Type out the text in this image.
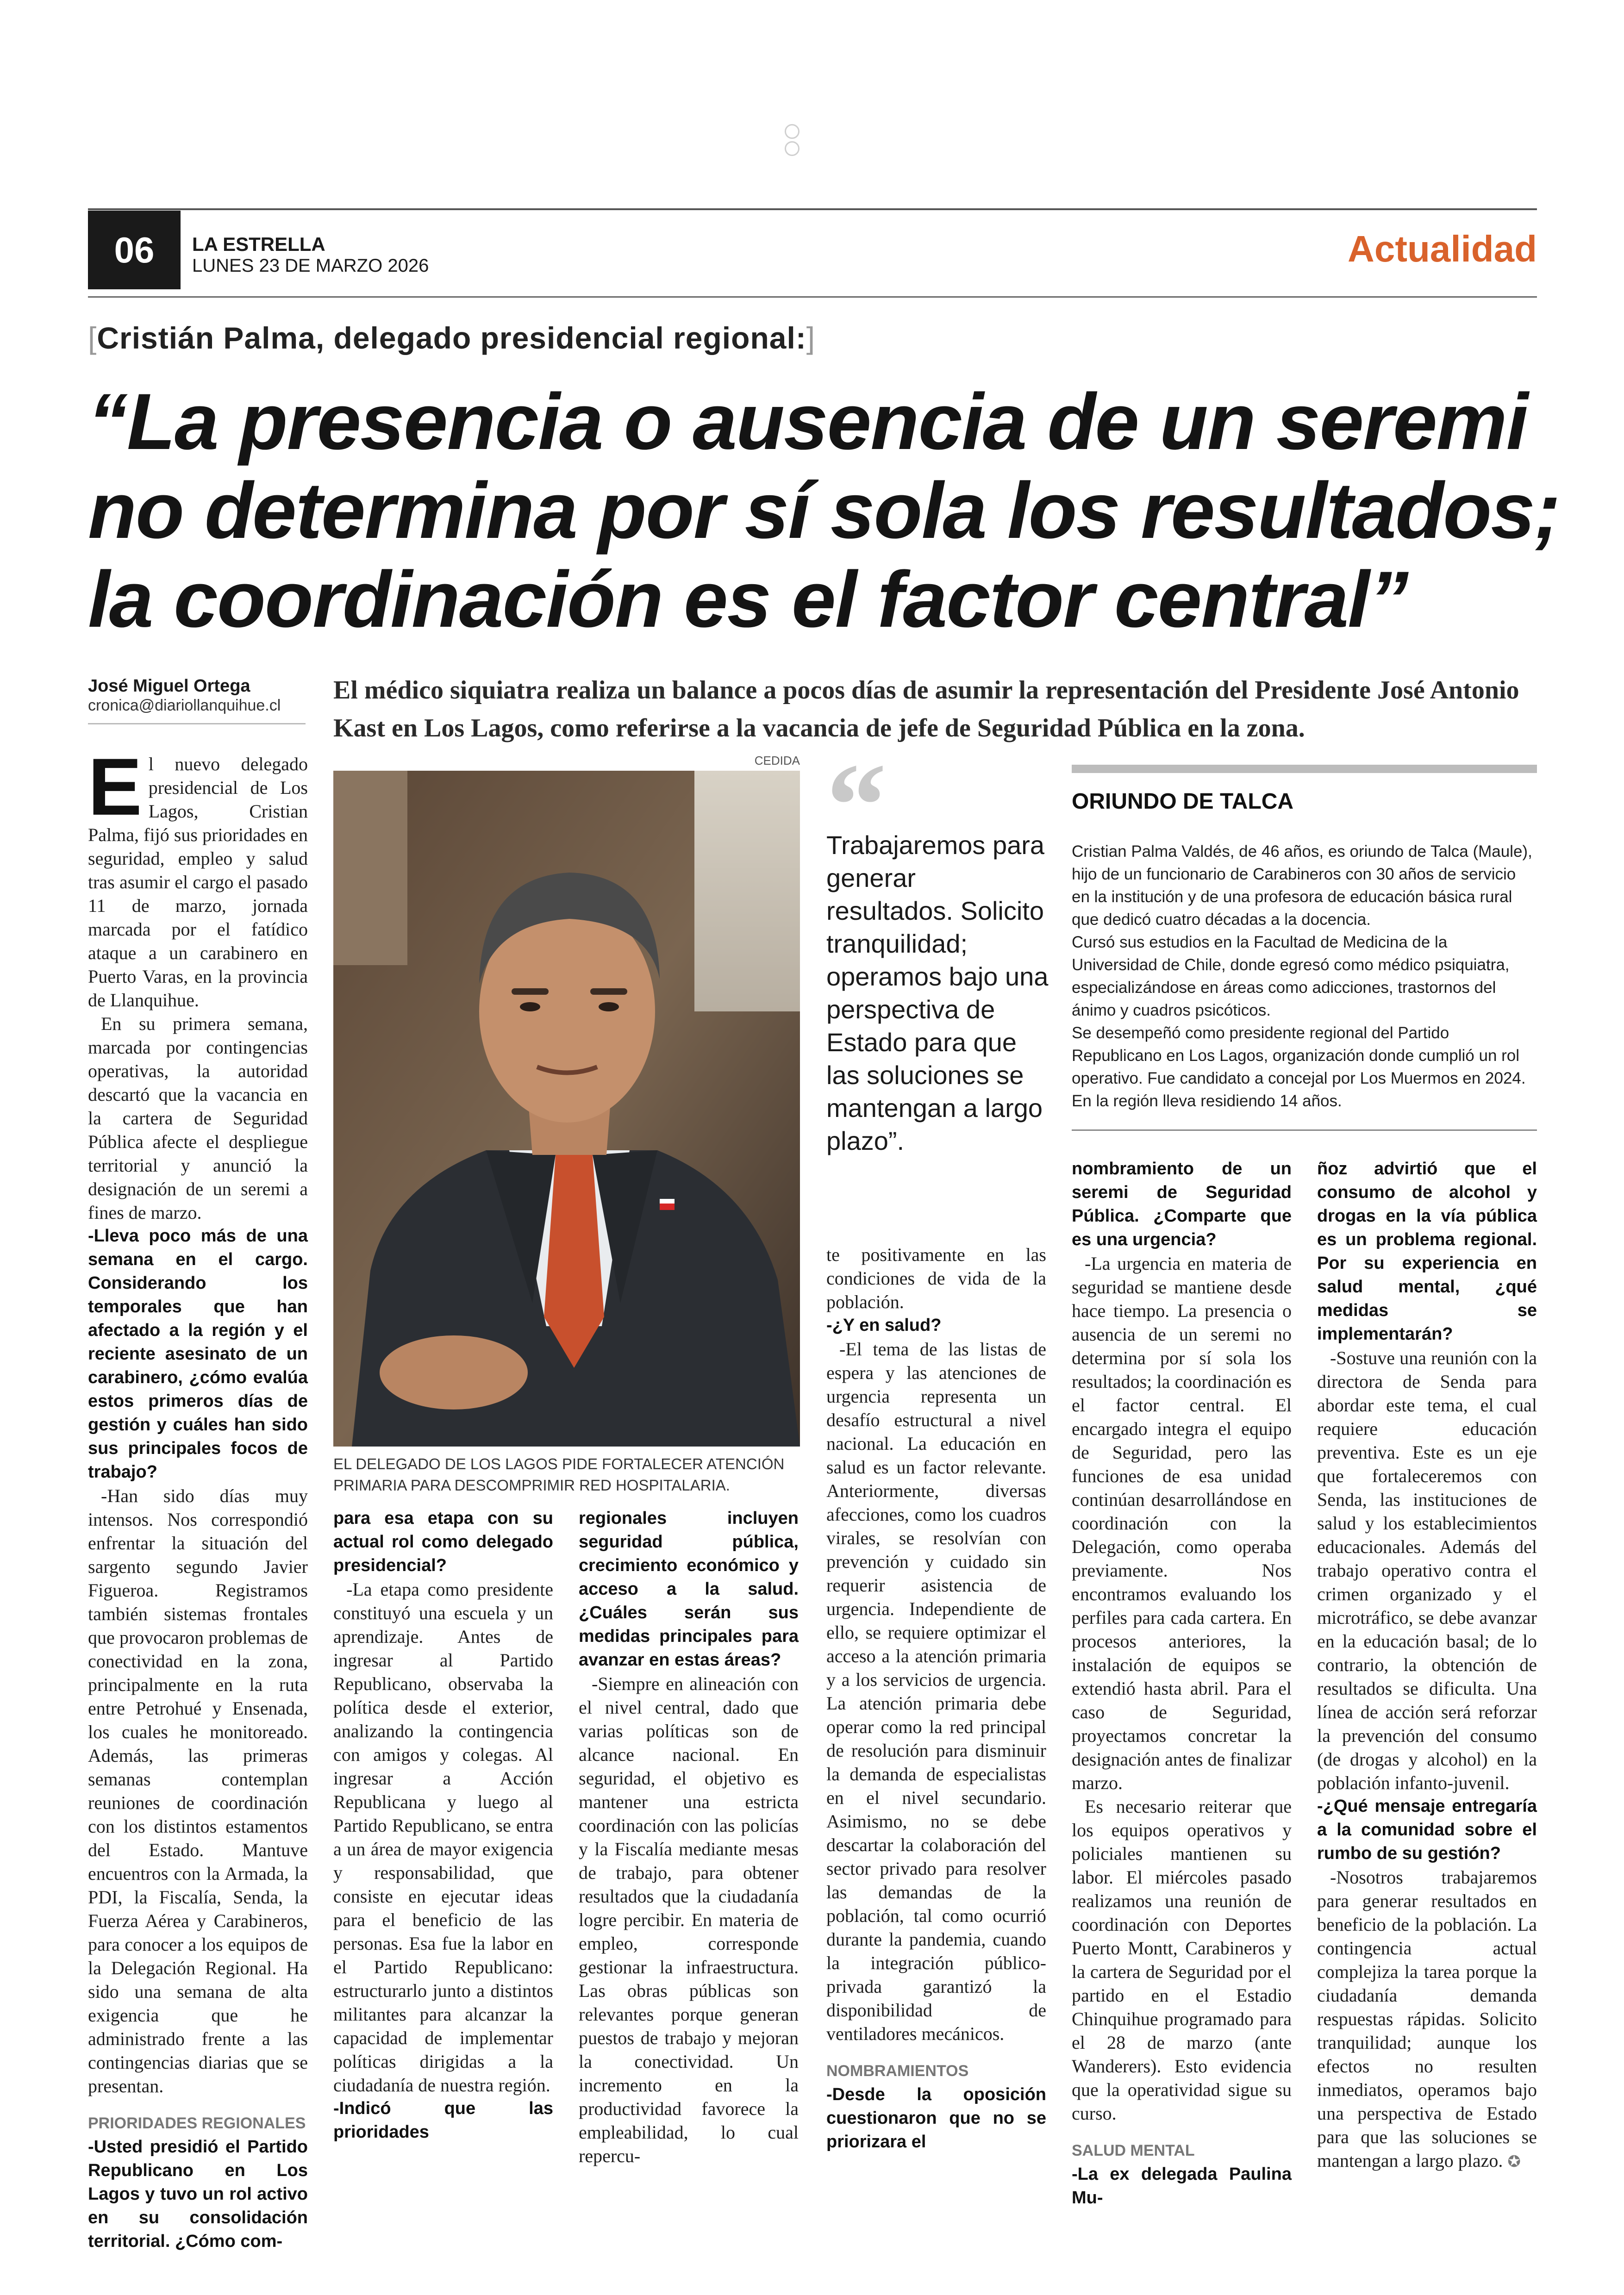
06	LA ESTRELLA
LUNES 23 DE MARZO 2026	Actualidad
[Cristián Palma, delegado presidencial regional:]
“La presencia o ausencia de un seremi
no determina por sí sola los resultados;
la coordinación es el factor central”
José Miguel Ortega
cronica@diariollanquihue.cl
El médico siquiatra realiza un balance a pocos días de asumir la representación del Presidente José Antonio Kast en Los Lagos, como referirse a la vacancia de jefe de Seguridad Pública en la zona.

El nuevo delegado presidencial de Los Lagos, Cristian Palma, fijó sus prioridades en seguridad, empleo y salud tras asumir el cargo el pasado 11 de marzo, jornada marcada por el fatídico ataque a un carabinero en Puerto Varas, en la provincia de Llanquihue.

En su primera semana, marcada por contingencias operativas, la autoridad descartó que la vacancia en la cartera de Seguridad Pública afecte el despliegue territorial y anunció la designación de un seremi a fines de marzo.

-Lleva poco más de una semana en el cargo. Considerando los temporales que han afectado a la región y el reciente asesinato de un carabinero, ¿cómo evalúa estos primeros días de gestión y cuáles han sido sus principales focos de trabajo?

-Han sido días muy intensos. Nos correspondió enfrentar la situación del sargento segundo Javier Figueroa. Registramos también sistemas frontales que provocaron problemas de conectividad en la zona, principalmente en la ruta entre Petrohué y Ensenada, los cuales he monitoreado. Además, las primeras semanas contemplan reuniones de coordinación con los distintos estamentos del Estado. Mantuve encuentros con la Armada, la PDI, la Fiscalía, Senda, la Fuerza Aérea y Carabineros, para conocer a los equipos de la Delegación Regional. Ha sido una semana de alta exigencia que he administrado frente a las contingencias diarias que se presentan.

PRIORIDADES REGIONALES

-Usted presidió el Partido Republicano en Los Lagos y tuvo un rol activo en su consolidación territorial. ¿Cómo com-

CEDIDA
EL DELEGADO DE LOS LAGOS PIDE FORTALECER ATENCIÓN PRIMARIA PARA DESCOMPRIMIR RED HOSPITALARIA.
“
Trabajaremos para generar resultados. Solicito tranquilidad; operamos bajo una perspectiva de Estado para que las soluciones se mantengan a largo plazo”.
ORIUNDO DE TALCA

Cristian Palma Valdés, de 46 años, es oriundo de Talca (Maule), hijo de un funcionario de Carabineros con 30 años de servicio en la institución y de una profesora de educación básica rural que dedicó cuatro décadas a la docencia.

Cursó sus estudios en la Facultad de Medicina de la Universidad de Chile, donde egresó como médico psiquiatra, especializándose en áreas como adicciones, trastornos del ánimo y cuadros psicóticos.

Se desempeñó como presidente regional del Partido Republicano en Los Lagos, organización donde cumplió un rol operativo. Fue candidato a concejal por Los Muermos en 2024. En la región lleva residiendo 14 años.

para esa etapa con su actual rol como delegado presidencial?

-La etapa como presidente constituyó una escuela y un aprendizaje. Antes de ingresar al Partido Republicano, observaba la política desde el exterior, analizando la contingencia con amigos y colegas. Al ingresar a Acción Republicana y luego al Partido Republicano, se entra a un área de mayor exigencia y responsabilidad, que consiste en ejecutar ideas para el beneficio de las personas. Esa fue la labor en el Partido Republicano: estructurarlo junto a distintos militantes para alcanzar la capacidad de implementar políticas dirigidas a la ciudadanía de nuestra región.

-Indicó que las prioridades

regionales incluyen seguridad pública, crecimiento económico y acceso a la salud. ¿Cuáles serán sus medidas principales para avanzar en estas áreas?

-Siempre en alineación con el nivel central, dado que varias políticas son de alcance nacional. En seguridad, el objetivo es mantener una estricta coordinación con las policías y la Fiscalía mediante mesas de trabajo, para obtener resultados que la ciudadanía logre percibir. En materia de empleo, corresponde gestionar la infraestructura. Las obras públicas son relevantes porque generan puestos de trabajo y mejoran la conectividad. Un incremento en la productividad favorece la empleabilidad, lo cual repercu-

te positivamente en las condiciones de vida de la población.

-¿Y en salud?

-El tema de las listas de espera y las atenciones de urgencia representa un desafío estructural a nivel nacional. La educación en salud es un factor relevante. Anteriormente, diversas afecciones, como los cuadros virales, se resolvían con prevención y cuidado sin requerir asistencia de urgencia. Independiente de ello, se requiere optimizar el acceso a la atención primaria y a los servicios de urgencia. La atención primaria debe operar como la red principal de resolución para disminuir la demanda de especialistas en el nivel secundario. Asimismo, no se debe descartar la colaboración del sector privado para resolver las demandas de la población, tal como ocurrió durante la pandemia, cuando la integración público-privada garantizó la disponibilidad de ventiladores mecánicos.

NOMBRAMIENTOS

-Desde la oposición cuestionaron que no se priorizara el

nombramiento de un seremi de Seguridad Pública. ¿Comparte que es una urgencia?

-La urgencia en materia de seguridad se mantiene desde hace tiempo. La presencia o ausencia de un seremi no determina por sí sola los resultados; la coordinación es el factor central. El encargado integra el equipo de Seguridad, pero las funciones de esa unidad continúan desarrollándose en coordinación con la Delegación, como operaba previamente. Nos encontramos evaluando los perfiles para cada cartera. En procesos anteriores, la instalación de equipos se extendió hasta abril. Para el caso de Seguridad, proyectamos concretar la designación antes de finalizar marzo.

Es necesario reiterar que los equipos operativos y policiales mantienen su labor. El miércoles pasado realizamos una reunión de coordinación con Deportes Puerto Montt, Carabineros y la cartera de Seguridad por el partido en el Estadio Chinquihue programado para el 28 de marzo (ante Wanderers). Esto evidencia que la operatividad sigue su curso.

SALUD MENTAL

-La ex delegada Paulina Mu-

ñoz advirtió que el consumo de alcohol y drogas en la vía pública es un problema regional. Por su experiencia en salud mental, ¿qué medidas se implementarán?

-Sostuve una reunión con la directora de Senda para abordar este tema, el cual requiere educación preventiva. Este es un eje que fortaleceremos con Senda, las instituciones de salud y los establecimientos educacionales. Además del trabajo operativo contra el crimen organizado y el microtráfico, se debe avanzar en la educación basal; de lo contrario, la obtención de resultados se dificulta. Una línea de acción será reforzar la prevención del consumo (de drogas y alcohol) en la población infanto-juvenil.

-¿Qué mensaje entregaría a la comunidad sobre el rumbo de su gestión?

-Nosotros trabajaremos para generar resultados en beneficio de la población. La contingencia actual complejiza la tarea porque la ciudadanía demanda respuestas rápidas. Solicito tranquilidad; aunque los efectos no resulten inmediatos, operamos bajo una perspectiva de Estado para que las soluciones se mantengan a largo plazo. ✪
